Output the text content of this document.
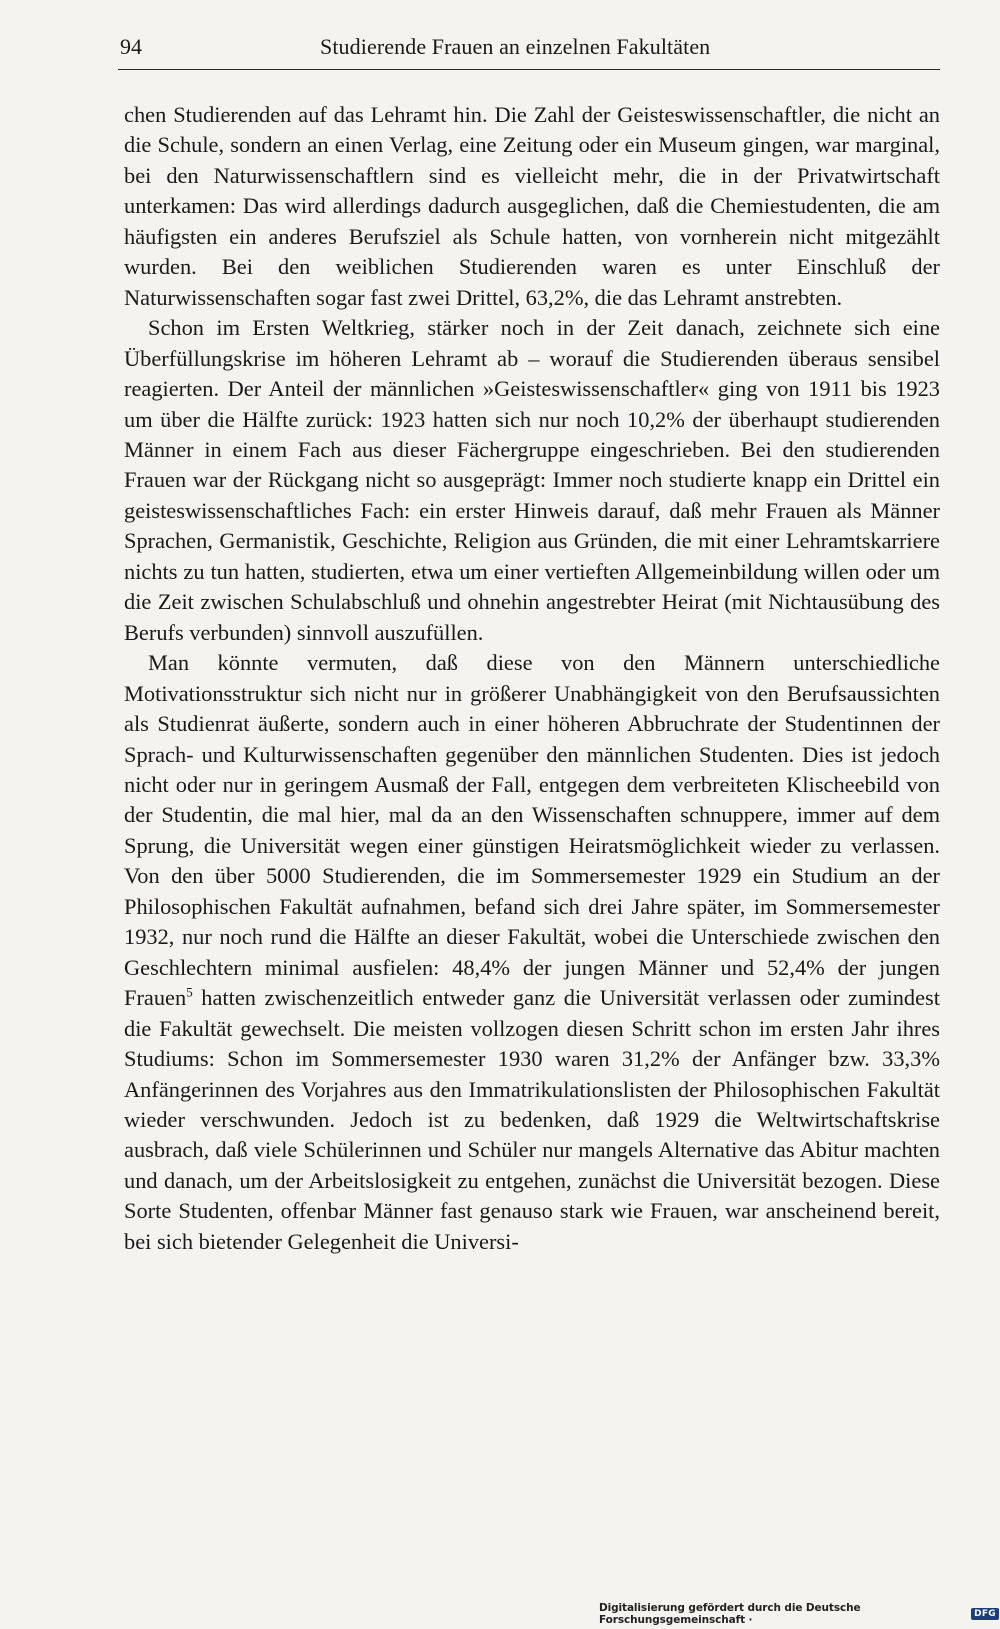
94	Studierende Frauen an einzelnen Fakultäten

chen Studierenden auf das Lehramt hin. Die Zahl der Geisteswissenschaftler, die nicht an die Schule, sondern an einen Verlag, eine Zeitung oder ein Museum gingen, war marginal, bei den Naturwissenschaftlern sind es vielleicht mehr, die in der Privatwirtschaft unterkamen: Das wird allerdings dadurch ausgeglichen, daß die Chemiestudenten, die am häufigsten ein anderes Berufsziel als Schule hatten, von vornherein nicht mitgezählt wurden. Bei den weiblichen Studierenden waren es unter Einschluß der Naturwissenschaften sogar fast zwei Drittel, 63,2%, die das Lehramt anstrebten.

Schon im Ersten Weltkrieg, stärker noch in der Zeit danach, zeichnete sich eine Überfüllungskrise im höheren Lehramt ab – worauf die Studierenden überaus sensibel reagierten. Der Anteil der männlichen »Geisteswissenschaftler« ging von 1911 bis 1923 um über die Hälfte zurück: 1923 hatten sich nur noch 10,2% der überhaupt studierenden Männer in einem Fach aus dieser Fächergruppe eingeschrieben. Bei den studierenden Frauen war der Rückgang nicht so ausgeprägt: Immer noch studierte knapp ein Drittel ein geisteswissenschaftliches Fach: ein erster Hinweis darauf, daß mehr Frauen als Männer Sprachen, Germanistik, Geschichte, Religion aus Gründen, die mit einer Lehramtskarriere nichts zu tun hatten, studierten, etwa um einer vertieften Allgemeinbildung willen oder um die Zeit zwischen Schulabschluß und ohnehin angestrebter Heirat (mit Nichtausübung des Berufs verbunden) sinnvoll auszufüllen.

Man könnte vermuten, daß diese von den Männern unterschiedliche Motivationsstruktur sich nicht nur in größerer Unabhängigkeit von den Berufsaussichten als Studienrat äußerte, sondern auch in einer höheren Abbruchrate der Studentinnen der Sprach- und Kulturwissenschaften gegenüber den männlichen Studenten. Dies ist jedoch nicht oder nur in geringem Ausmaß der Fall, entgegen dem verbreiteten Klischeebild von der Studentin, die mal hier, mal da an den Wissenschaften schnuppere, immer auf dem Sprung, die Universität wegen einer günstigen Heiratsmöglichkeit wieder zu verlassen. Von den über 5000 Studierenden, die im Sommersemester 1929 ein Studium an der Philosophischen Fakultät aufnahmen, befand sich drei Jahre später, im Sommersemester 1932, nur noch rund die Hälfte an dieser Fakultät, wobei die Unterschiede zwischen den Geschlechtern minimal ausfielen: 48,4% der jungen Männer und 52,4% der jungen Frauen$^5$ hatten zwischenzeitlich entweder ganz die Universität verlassen oder zumindest die Fakultät gewechselt. Die meisten vollzogen diesen Schritt schon im ersten Jahr ihres Studiums: Schon im Sommersemester 1930 waren 31,2% der Anfänger bzw. 33,3% Anfängerinnen des Vorjahres aus den Immatrikulationslisten der Philosophischen Fakultät wieder verschwunden. Jedoch ist zu bedenken, daß 1929 die Weltwirtschaftskrise ausbrach, daß viele Schülerinnen und Schüler nur mangels Alternative das Abitur machten und danach, um der Arbeitslosigkeit zu entgehen, zunächst die Universität bezogen. Diese Sorte Studenten, offenbar Männer fast genauso stark wie Frauen, war anscheinend bereit, bei sich bietender Gelegenheit die Universi-

Digitalisierung gefördert durch die Deutsche Forschungsgemeinschaft ·	DFG
